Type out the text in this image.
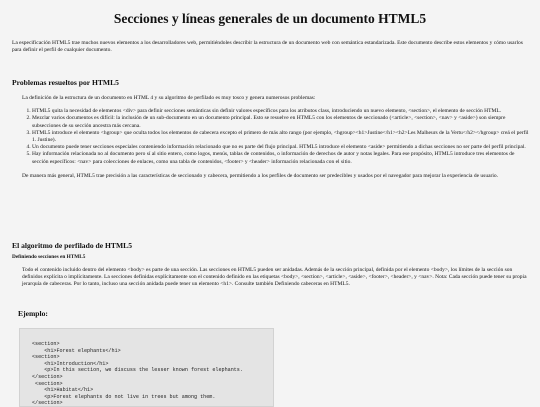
Secciones y líneas generales de un documento HTML5

La especificación HTML5 trae muchos nuevos elementos a los desarrolladores web, permitiéndoles describir la estructura de un documento web con semántica estandarizada. Este documento describe estos elementos y cómo usarlos para definir el perfil de cualquier documento.

Problemas resueltos por HTML5

La definición de la estructura de un documento en HTML 4 y su algoritmo de perfilado es muy tosco y genera numerosos problemas:

1. HTML5 quita la necesidad de elementos <div> para definir secciones semánticas sin definir valores específicos para los atributos class, introduciendo un nuevo elemento, <section>, el elemento de sección HTML.
2. Mezclar varios documentos es difícil: la inclusión de un sub-documento en un documento principal. Esto se resuelve en HTML5 con los elementos de seccionado (<article>, <section>, <nav> y <aside>) son siempre subsecciones de su sección ancestra más cercana.
3. HTML5 introduce el elemento <hgroup> que oculta todos los elementos de cabecera excepto el primero de más alto rango (por ejemplo, <hgroup><h1>Justine</h1><h2>Les Malheurs de la Vertu</h2></hgroup> creá el perfil 1. Justine).
4. Un documento puede tener secciones especiales conteniendo información relacionado que no es parte del flujo principal. HTML5 introduce el elemento <aside> permitiendo a dichas secciones no ser parte del perfil principal.
5. Hay información relacionada no al documento pero sí al sitio entero, como logos, menús, tablas de contenidos, o información de derechos de autor y notas legales. Para ese propósito, HTML5 introduce tres elementos de sección específicos: <nav> para colecciones de enlaces, como una tabla de contenidos, <footer> y <header> información relacionada con el sitio.

De manera más general, HTML5 trae precisión a las características de seccionado y cabecera, permitiendo a los perfiles de documento ser predecibles y usados por el navegador para mejorar la experiencia de usuario.

El algoritmo de perfilado de HTML5
Definiendo secciones en HTML5

Todo el contenido incluido dentro del elemento <body> es parte de una sección. Las secciones en HTML5 pueden ser anidadas. Además de la sección principal, definida por el elemento <body>, los límites de la sección son definidos explícita o implícitamente. La secciones definidas explícitamente son el contenido definido en las etiquetas <body>, <section>, <article>, <aside>, <footer>, <header>, y <nav>. Nota: Cada sección puede tener su propia jerarquía de cabeceras. Por lo tanto, incluso una sección anidada puede tener un elemento <h1>. Consulte también Definiendo cabeceras en HTML5.

Ejemplo:
<section>
<h1>Forest elephants</h1>
<section>
<h1>Introduction</h1>
<p>In this section, we discuss the lesser known forest elephants.
</section>
<section>
<h1>Habitat</h1>
<p>Forest elephants do not live in trees but among them.
</section>
